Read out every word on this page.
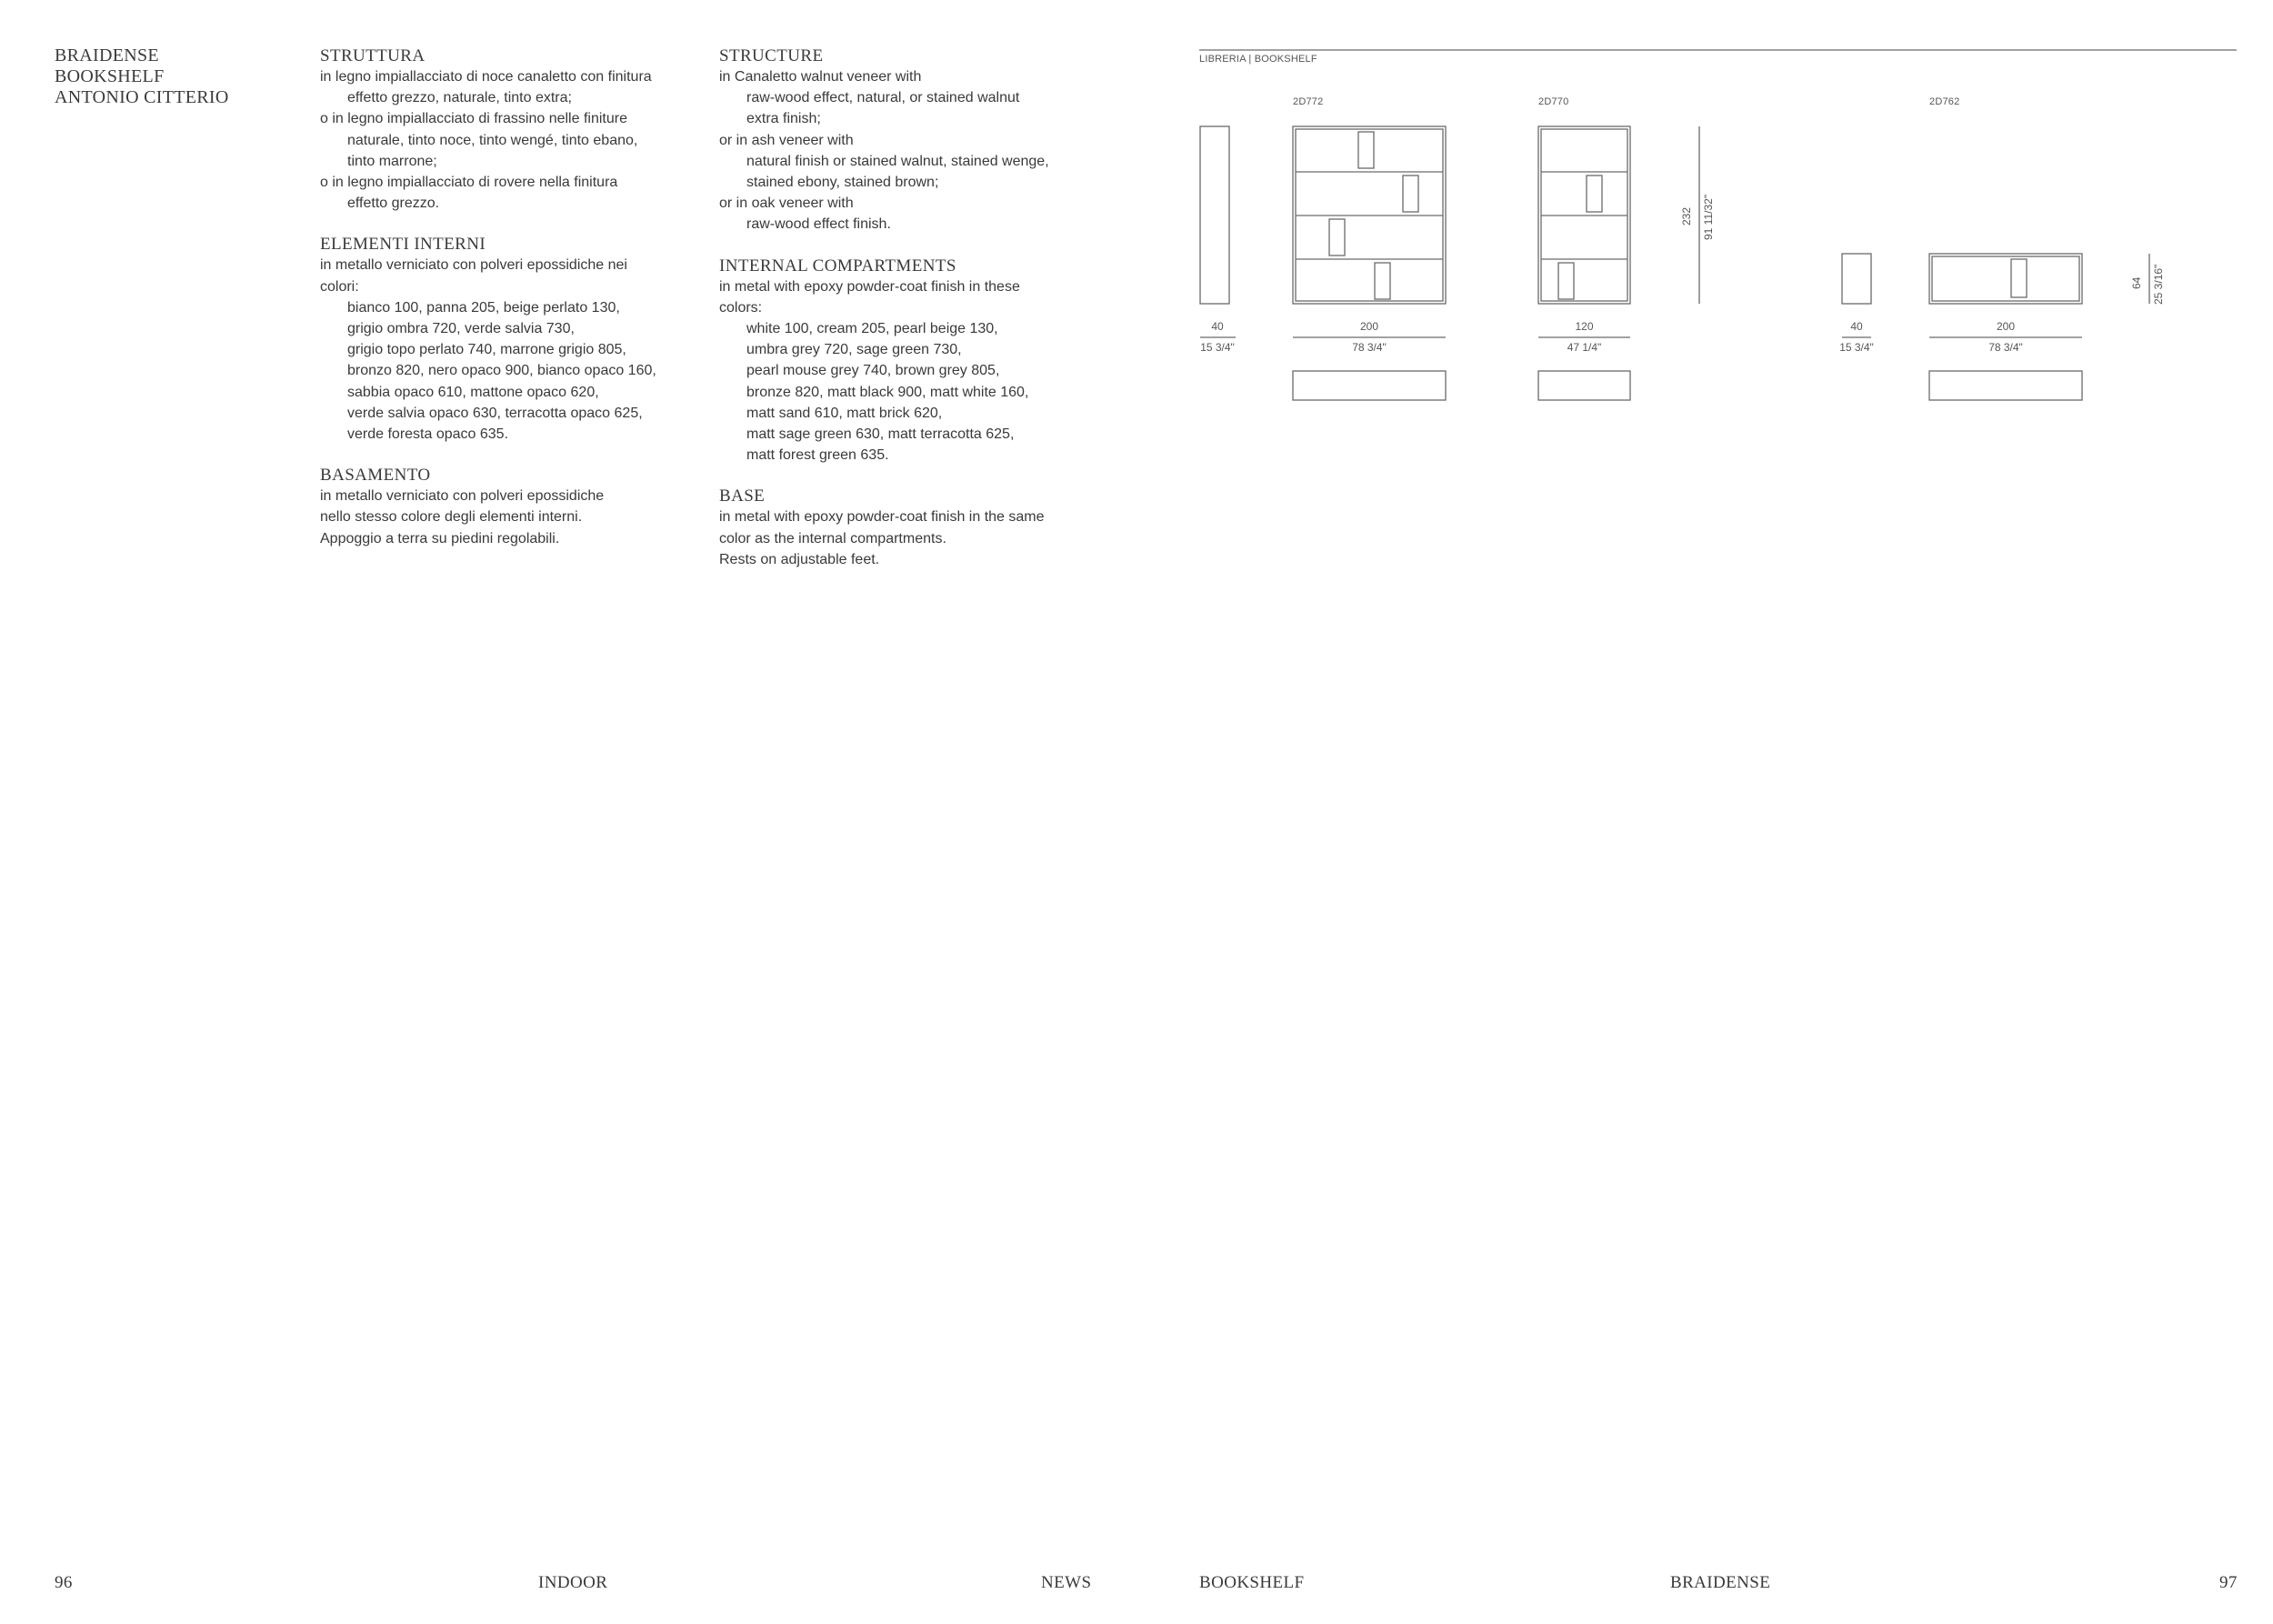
BRAIDENSE
BOOKSHELF
ANTONIO CITTERIO
STRUTTURA
in legno impiallacciato di noce canaletto con finitura
effetto grezzo, naturale, tinto extra;
o in legno impiallacciato di frassino nelle finiture
naturale, tinto noce, tinto wengé, tinto ebano,
tinto marrone;
o in legno impiallacciato di rovere nella finitura
effetto grezzo.
ELEMENTI INTERNI
in metallo verniciato con polveri epossidiche nei
colori:
bianco 100, panna 205, beige perlato 130,
grigio ombra 720, verde salvia 730,
grigio topo perlato 740, marrone grigio 805,
bronzo 820, nero opaco 900, bianco opaco 160,
sabbia opaco 610, mattone opaco 620,
verde salvia opaco 630, terracotta opaco 625,
verde foresta opaco 635.
BASAMENTO
in metallo verniciato con polveri epossidiche
nello stesso colore degli elementi interni.
Appoggio a terra su piedini regolabili.
STRUCTURE
in Canaletto walnut veneer with
raw-wood effect, natural, or stained walnut
extra finish;
or in ash veneer with
natural finish or stained walnut, stained wenge,
stained ebony, stained brown;
or in oak veneer with
raw-wood effect finish.
INTERNAL COMPARTMENTS
in metal with epoxy powder-coat finish in these
colors:
white 100, cream 205, pearl beige 130,
umbra grey 720, sage green 730,
pearl mouse grey 740, brown grey 805,
bronze 820, matt black 900, matt white 160,
matt sand 610, matt brick 620,
matt sage green 630, matt terracotta 625,
matt forest green 635.
BASE
in metal with epoxy powder-coat finish in the same
color as the internal compartments.
Rests on adjustable feet.
LIBRERIA | BOOKSHELF
2D772	2D770	2D762
40
15 3/4"
200
78 3/4"
120
47 1/4"
40
15 3/4"
200
78 3/4"
232 91 11/32"
64 25 3/16"
96	INDOOR	NEWS	BOOKSHELF	BRAIDENSE	97
